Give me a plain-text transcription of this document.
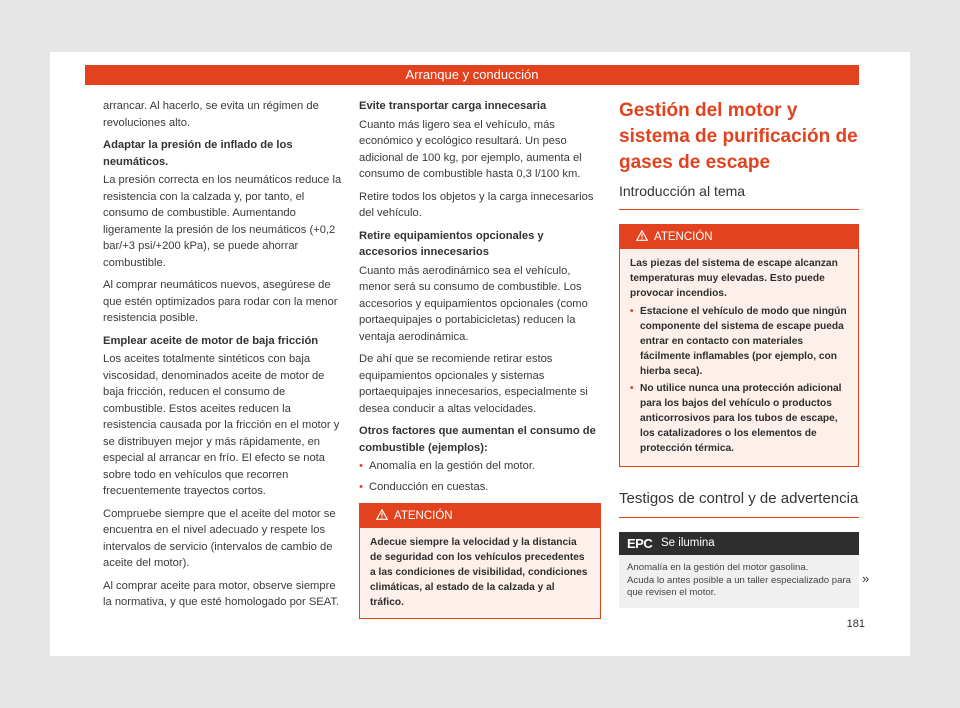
Arranque y conducción

arrancar. Al hacerlo, se evita un régimen de revoluciones alto.

Adaptar la presión de inflado de los neumáticos.

La presión correcta en los neumáticos reduce la resistencia con la calzada y, por tanto, el consumo de combustible. Aumentando ligeramente la presión de los neumáticos (+0,2 bar/+3 psi/+200 kPa), se puede ahorrar combustible.

Al comprar neumáticos nuevos, asegúrese de que estén optimizados para rodar con la menor resistencia posible.

Emplear aceite de motor de baja fricción

Los aceites totalmente sintéticos con baja viscosidad, denominados aceite de motor de baja fricción, reducen el consumo de combustible. Estos aceites reducen la resistencia causada por la fricción en el motor y se distribuyen mejor y más rápidamente, en especial al arrancar en frío. El efecto se nota sobre todo en vehículos que recorren frecuentemente trayectos cortos.

Compruebe siempre que el aceite del motor se encuentra en el nivel adecuado y respete los intervalos de servicio (intervalos de cambio de aceite del motor).

Al comprar aceite para motor, observe siempre la normativa, y que esté homologado por SEAT.

Evite transportar carga innecesaria

Cuanto más ligero sea el vehículo, más económico y ecológico resultará. Un peso adicional de 100 kg, por ejemplo, aumenta el consumo de combustible hasta 0,3 l/100 km.

Retire todos los objetos y la carga innecesarios del vehículo.

Retire equipamientos opcionales y accesorios innecesarios

Cuanto más aerodinámico sea el vehículo, menor será su consumo de combustible. Los accesorios y equipamientos opcionales (como portaequipajes o portabicicletas) reducen la ventaja aerodinámica.

De ahí que se recomiende retirar estos equipamientos opcionales y sistemas portaequipajes innecesarios, especialmente si desea conducir a altas velocidades.

Otros factores que aumentan el consumo de combustible (ejemplos):
• Anomalía en la gestión del motor.
• Conducción en cuestas.
ATENCIÓN
Adecue siempre la velocidad y la distancia de seguridad con los vehículos precedentes a las condiciones de visibilidad, condiciones climáticas, al estado de la calzada y al tráfico.
Gestión del motor y sistema de purificación de gases de escape
Introducción al tema
ATENCIÓN

Las piezas del sistema de escape alcanzan temperaturas muy elevadas. Esto puede provocar incendios.

• Estacione el vehículo de modo que ningún componente del sistema de escape pueda entrar en contacto con materiales fácilmente inflamables (por ejemplo, con hierba seca).
• No utilice nunca una protección adicional para los bajos del vehículo o productos anticorrosivos para los tubos de escape, los catalizadores o los elementos de protección térmica.
Testigos de control y de advertencia
EPC Se ilumina
Anomalía en la gestión del motor gasolina.
Acuda lo antes posible a un taller especializado para que revisen el motor.
»
181
